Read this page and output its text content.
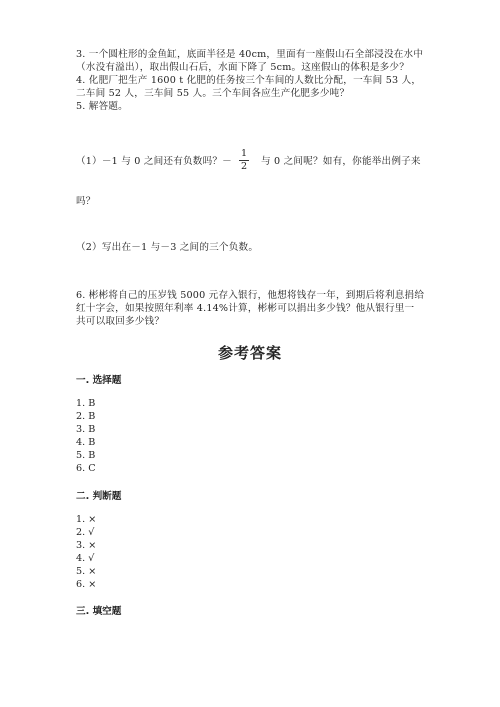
3. 一个圆柱形的金鱼缸，底面半径是 40cm，里面有一座假山石全部浸没在水中
（水没有溢出），取出假山石后，水面下降了 5cm。这座假山的体积是多少？
4. 化肥厂把生产 1600 t 化肥的任务按三个车间的人数比分配，一车间 53 人，
二车间 52 人，三车间 55 人。三个车间各应生产化肥多少吨？
5. 解答题。
（1）－1 与 0 之间还有负数吗？－
1
2	与 0 之间呢？如有，你能举出例子来
吗？
（2）写出在－1 与－3 之间的三个负数。
6. 彬彬将自己的压岁钱 5000 元存入银行，他想将钱存一年，到期后将利息捐给
红十字会，如果按照年利率 4.14%计算，彬彬可以捐出多少钱？他从银行里一
共可以取回多少钱？
参考答案
一. 选择题
1. B
2. B
3. B
4. B
5. B
6. C
二. 判断题
1. ×
2. √
3. ×
4. √
5. ×
6. ×
三. 填空题
